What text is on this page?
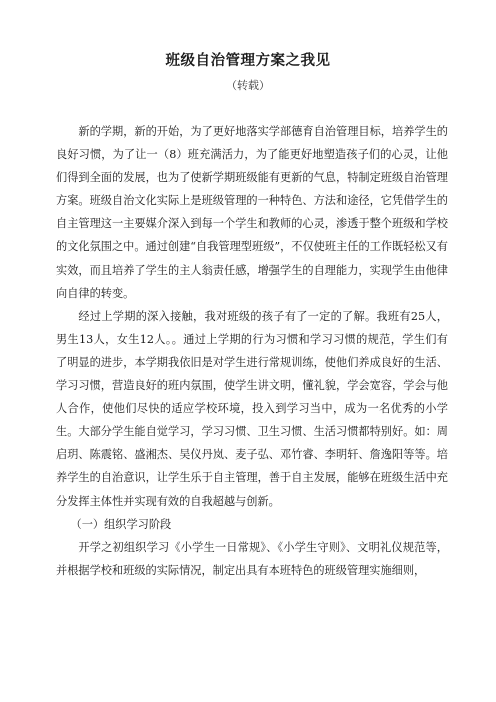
班级自治管理方案之我见
（转载）

新的学期，新的开始，为了更好地落实学部德育自治管理目标，培养学生的良好习惯，为了让一（8）班充满活力，为了能更好地塑造孩子们的心灵，让他们得到全面的发展，也为了使新学期班级能有更新的气息，特制定班级自治管理方案。班级自治文化实际上是班级管理的一种特色、方法和途径，它凭借学生的自主管理这一主要媒介深入到每一个学生和教师的心灵，渗透于整个班级和学校的文化氛围之中。通过创建“自我管理型班级”，不仅使班主任的工作既轻松又有实效，而且培养了学生的主人翁责任感，增强学生的自理能力，实现学生由他律向自律的转变。

经过上学期的深入接触，我对班级的孩子有了一定的了解。我班有25人，男生13人，女生12人。。通过上学期的行为习惯和学习习惯的规范，学生们有了明显的进步，本学期我依旧是对学生进行常规训练，使他们养成良好的生活、学习习惯，营造良好的班内氛围，使学生讲文明，懂礼貌，学会宽容，学会与他人合作，使他们尽快的适应学校环境，投入到学习当中，成为一名优秀的小学生。大部分学生能自觉学习，学习习惯、卫生习惯、生活习惯都特别好。如：周启玥、陈震铭、盛湘杰、吴仪丹岚、麦子弘、邓竹睿、李明轩、詹逸阳等等。培养学生的自治意识，让学生乐于自主管理，善于自主发展，能够在班级生活中充分发挥主体性并实现有效的自我超越与创新。

（一）组织学习阶段

开学之初组织学习《小学生一日常规》、《小学生守则》、文明礼仪规范等，并根据学校和班级的实际情况，制定出具有本班特色的班级管理实施细则，
